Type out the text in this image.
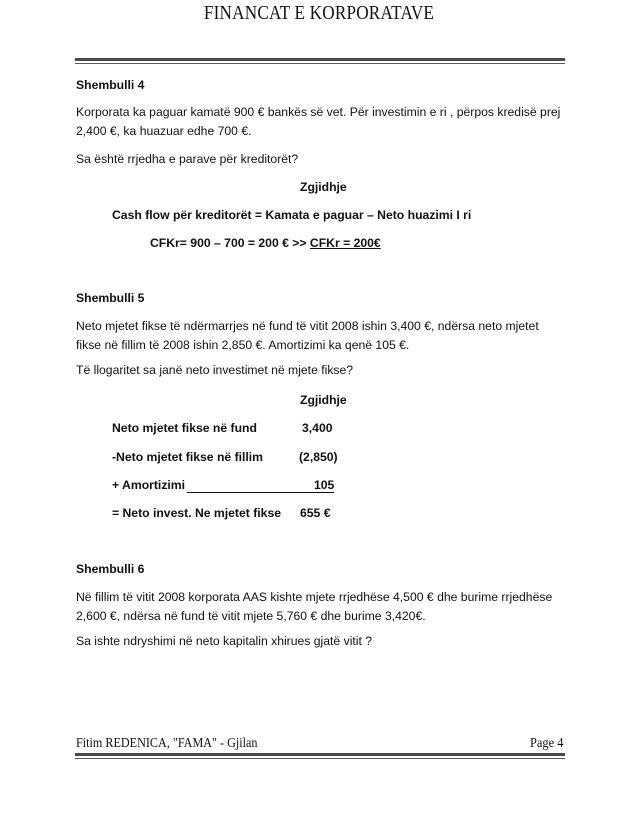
FINANCAT E KORPORATAVE
Shembulli 4
Korporata ka paguar kamatë 900 € bankës së vet. Për investimin e ri , përpos kredisë prej 2,400 €, ka huazuar edhe 700 €.
Sa është rrjedha e parave për kreditorët?
Zgjidhje
Cash flow për kreditorët = Kamata e paguar – Neto huazimi I ri
CFKr= 900 – 700 = 200 € >> CFKr = 200€
Shembulli 5
Neto mjetet fikse të ndërmarrjes në fund të vitit 2008 ishin 3,400 €, ndërsa neto mjetet fikse në fillim të 2008 ishin 2,850 €. Amortizimi ka qenë 105 €.
Të llogaritet sa janë neto investimet në mjete fikse?
Zgjidhje
Neto mjetet fikse në fund	3,400
-Neto mjetet fikse në fillim	(2,850)
+ Amortizimi	105
= Neto invest. Ne mjetet fikse 655 €
Shembulli 6
Në fillim të vitit 2008 korporata AAS kishte mjete rrjedhëse 4,500 € dhe burime rrjedhëse 2,600 €, ndërsa në fund të vitit mjete 5,760 € dhe burime 3,420€.
Sa ishte ndryshimi në neto kapitalin xhirues gjatë vitit ?
Fitim REDENICA, "FAMA" - Gjilan	Page 4
